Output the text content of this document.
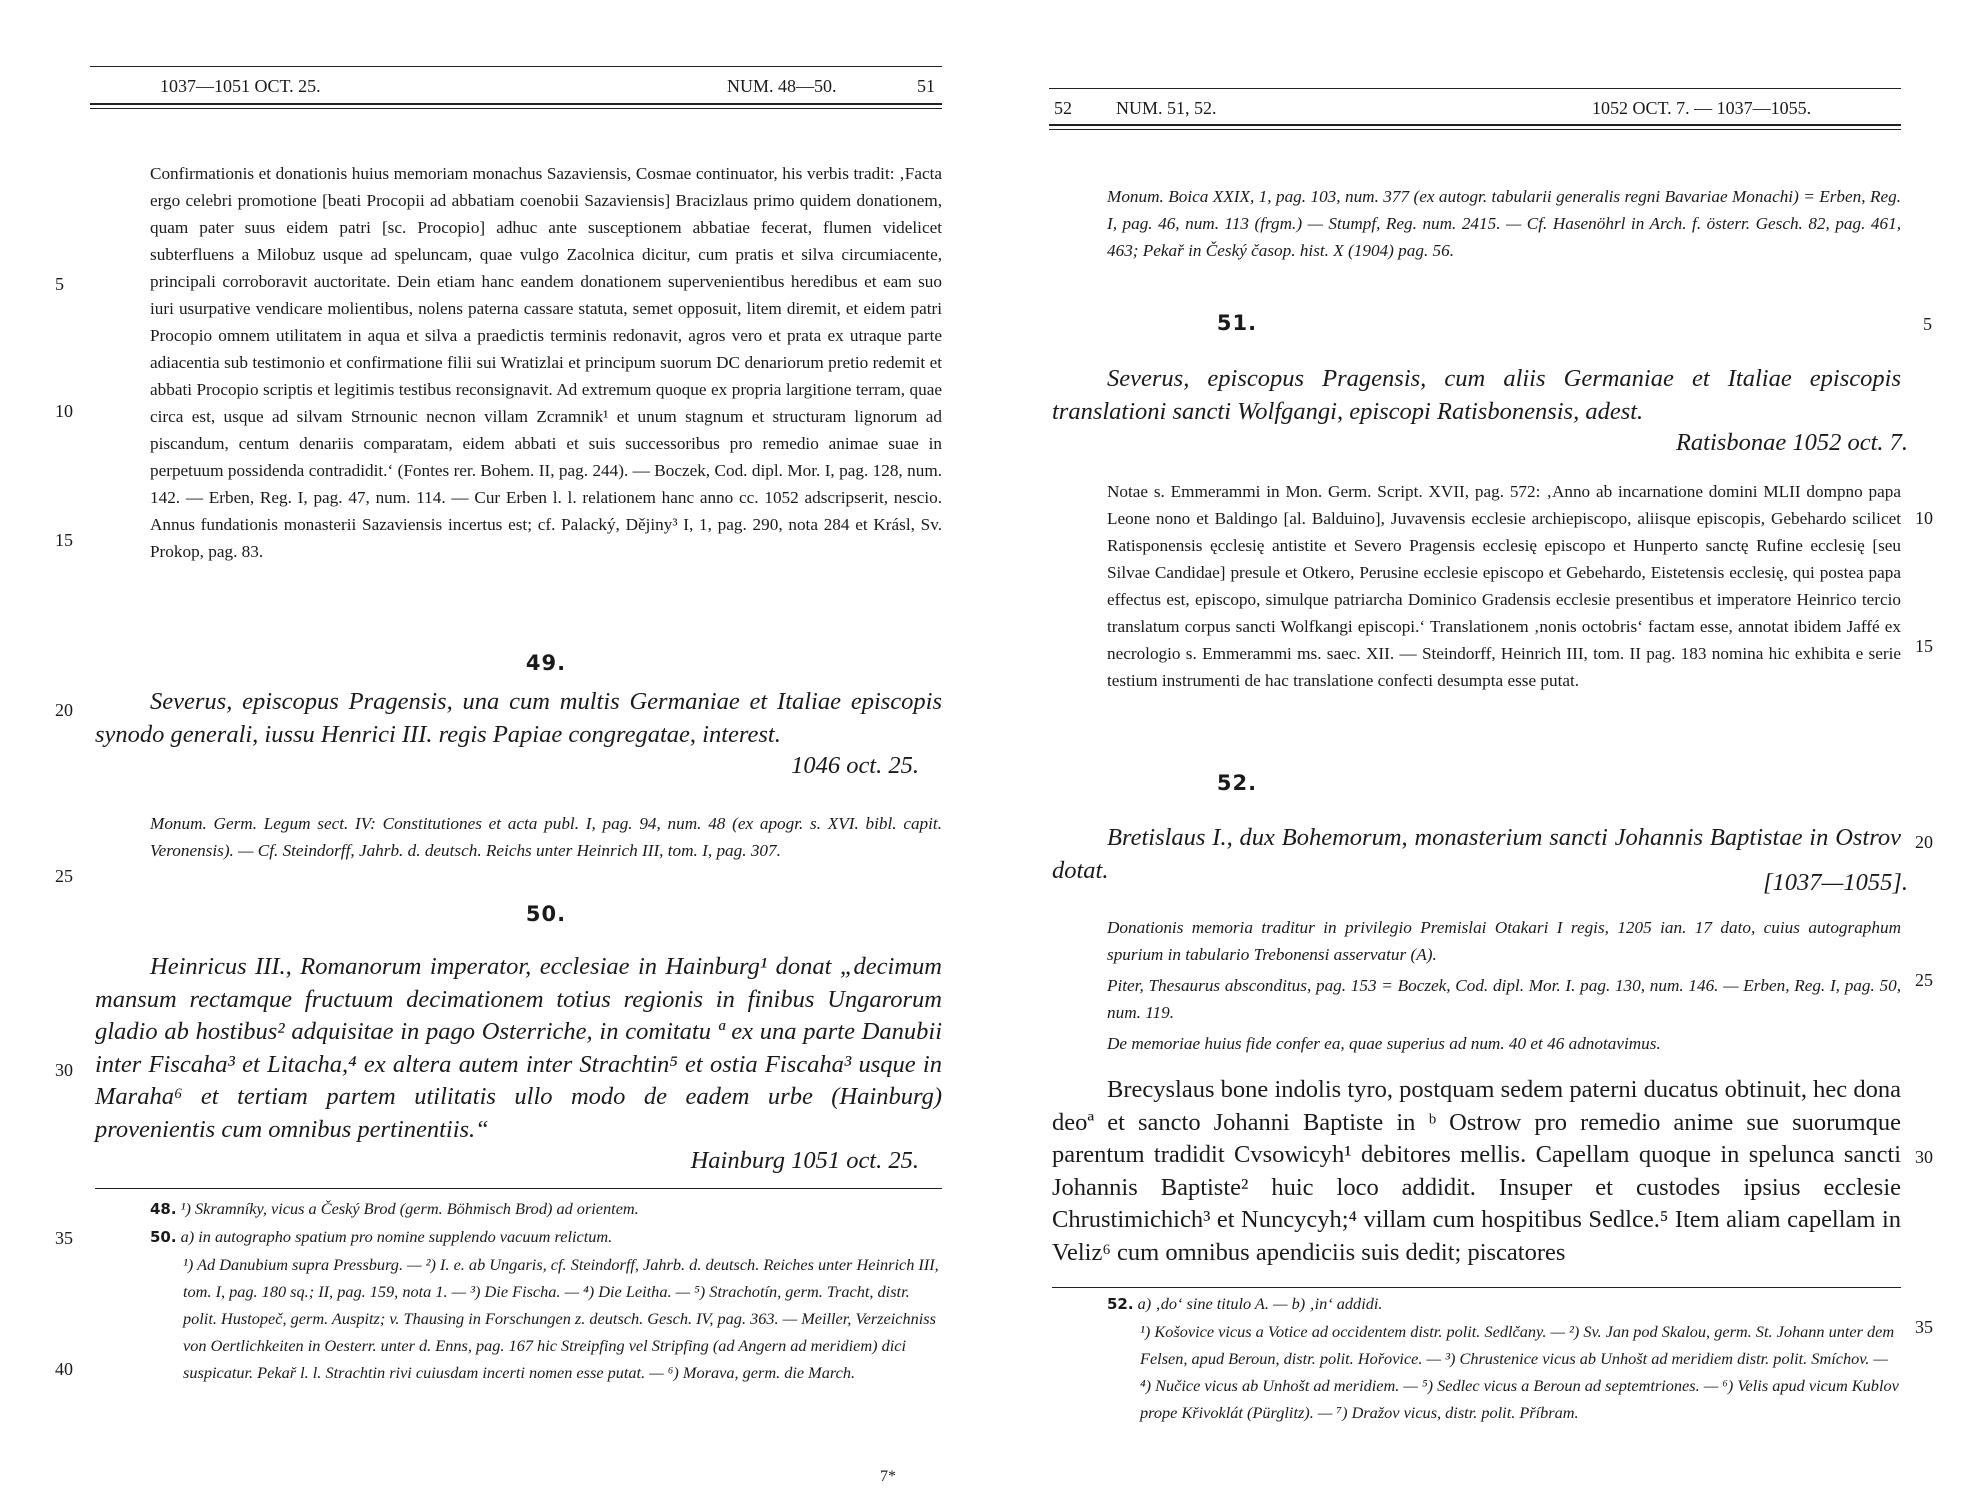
1037—1051 OCT. 25.	NUM. 48—50.	51
5
10
15
20
25
30
35
40

Confirmationis et donationis huius memoriam monachus Sazaviensis, Cosmae continuator, his verbis tradit: ‚Facta ergo celebri promotione [beati Procopii ad abbatiam coenobii Sazaviensis] Bracizlaus primo quidem donationem, quam pater suus eidem patri [sc. Procopio] adhuc ante susceptionem abbatiae fecerat, flumen videlicet subterfluens a Milobuz usque ad speluncam, quae vulgo Zacolnica dicitur, cum pratis et silva circumiacente, principali corroboravit auctoritate. Dein etiam hanc eandem donationem supervenientibus heredibus et eam suo iuri usurpative vendicare molientibus, nolens paterna cassare statuta, semet opposuit, litem diremit, et eidem patri Procopio omnem utilitatem in aqua et silva a praedictis terminis redonavit, agros vero et prata ex utraque parte adiacentia sub testimonio et confirmatione filii sui Wratizlai et principum suorum DC denariorum pretio redemit et abbati Procopio scriptis et legitimis testibus reconsignavit. Ad extremum quoque ex propria largitione terram, quae circa est, usque ad silvam Strnounic necnon villam Zcramnik¹ et unum stagnum et structuram lignorum ad piscandum, centum denariis comparatam, eidem abbati et suis successoribus pro remedio animae suae in perpetuum possidenda contradidit.‘ (Fontes rer. Bohem. II, pag. 244). — Boczek, Cod. dipl. Mor. I, pag. 128, num. 142. — Erben, Reg. I, pag. 47, num. 114. — Cur Erben l. l. relationem hanc anno cc. 1052 adscripserit, nescio. Annus fundationis monasterii Sazaviensis incertus est; cf. Palacký, Dějiny³ I, 1, pag. 290, nota 284 et Krásl, Sv. Prokop, pag. 83.

49.

Severus, episcopus Pragensis, una cum multis Germaniae et Italiae episcopis synodo generali, iussu Henrici III. regis Papiae congregatae, interest.

1046 oct. 25.

Monum. Germ. Legum sect. IV: Constitutiones et acta publ. I, pag. 94, num. 48 (ex apogr. s. XVI. bibl. capit. Veronensis). — Cf. Steindorff, Jahrb. d. deutsch. Reichs unter Heinrich III, tom. I, pag. 307.

50.

Heinricus III., Romanorum imperator, ecclesiae in Hainburg¹ donat „decimum mansum rectamque fructuum decimationem totius regionis in finibus Ungarorum gladio ab hostibus² adquisitae in pago Osterriche, in comitatu ª ex una parte Danubii inter Fiscaha³ et Litacha,⁴ ex altera autem inter Strachtin⁵ et ostia Fiscaha³ usque in Maraha⁶ et tertiam partem utilitatis ullo modo de eadem urbe (Hainburg) provenientis cum omnibus pertinentiis.“

Hainburg 1051 oct. 25.

48. ¹) Skramníky, vicus a Český Brod (germ. Böhmisch Brod) ad orientem.

50. a) in autographo spatium pro nomine supplendo vacuum relictum.

¹) Ad Danubium supra Pressburg. — ²) I. e. ab Ungaris, cf. Steindorff, Jahrb. d. deutsch. Reiches unter Heinrich III, tom. I, pag. 180 sq.; II, pag. 159, nota 1. — ³) Die Fischa. — ⁴) Die Leitha. — ⁵) Strachotín, germ. Tracht, distr. polit. Hustopeč, germ. Auspitz; v. Thausing in Forschungen z. deutsch. Gesch. IV, pag. 363. — Meiller, Verzeichniss von Oertlichkeiten in Oesterr. unter d. Enns, pag. 167 hic Streipfing vel Stripfing (ad Angern ad meridiem) dici suspicatur. Pekař l. l. Strachtin rivi cuiusdam incerti nomen esse putat. — ⁶) Morava, germ. die March.

7*
52 NUM. 51, 52.	1052 OCT. 7. — 1037—1055.
5
10
15
20
25
30
35

Monum. Boica XXIX, 1, pag. 103, num. 377 (ex autogr. tabularii generalis regni Bavariae Monachi) = Erben, Reg. I, pag. 46, num. 113 (frgm.) — Stumpf, Reg. num. 2415. — Cf. Hasenöhrl in Arch. f. österr. Gesch. 82, pag. 461, 463; Pekař in Český časop. hist. X (1904) pag. 56.

51.

Severus, episcopus Pragensis, cum aliis Germaniae et Italiae episcopis translationi sancti Wolfgangi, episcopi Ratisbonensis, adest.

Ratisbonae 1052 oct. 7.

Notae s. Emmerammi in Mon. Germ. Script. XVII, pag. 572: ‚Anno ab incarnatione domini MLII dompno papa Leone nono et Baldingo [al. Balduino], Juvavensis ecclesie archiepiscopo, aliisque episcopis, Gebehardo scilicet Ratisponensis ęcclesię antistite et Severo Pragensis ecclesię episcopo et Hunperto sanctę Rufine ecclesię [seu Silvae Candidae] presule et Otkero, Perusine ecclesie episcopo et Gebehardo, Eistetensis ecclesię, qui postea papa effectus est, episcopo, simulque patriarcha Dominico Gradensis ecclesie presentibus et imperatore Heinrico tercio translatum corpus sancti Wolfkangi episcopi.‘ Translationem ‚nonis octobris‘ factam esse, annotat ibidem Jaffé ex necrologio s. Emmerammi ms. saec. XII. — Steindorff, Heinrich III, tom. II pag. 183 nomina hic exhibita e serie testium instrumenti de hac translatione confecti desumpta esse putat.

52.

Bretislaus I., dux Bohemorum, monasterium sancti Johannis Baptistae in Ostrov dotat.	[1037—1055].

Donationis memoria traditur in privilegio Premislai Otakari I regis, 1205 ian. 17 dato, cuius autographum spurium in tabulario Trebonensi asservatur (A).

Piter, Thesaurus absconditus, pag. 153 = Boczek, Cod. dipl. Mor. I. pag. 130, num. 146. — Erben, Reg. I, pag. 50, num. 119.

De memoriae huius fide confer ea, quae superius ad num. 40 et 46 adnotavimus.

Brecyslaus bone indolis tyro, postquam sedem paterni ducatus obtinuit, hec dona deoª et sancto Johanni Baptiste in ᵇ Ostrow pro remedio anime sue suorumque parentum tradidit Cvsowicyh¹ debitores mellis. Capellam quoque in spelunca sancti Johannis Baptiste² huic loco addidit. Insuper et custodes ipsius ecclesie Chrustimichich³ et Nuncycyh;⁴ villam cum hospitibus Sedlce.⁵ Item aliam capellam in Veliz⁶ cum omnibus apendiciis suis dedit; piscatores

52. a) ‚do‘ sine titulo A. — b) ‚in‘ addidi.

¹) Košovice vicus a Votice ad occidentem distr. polit. Sedlčany. — ²) Sv. Jan pod Skalou, germ. St. Johann unter dem Felsen, apud Beroun, distr. polit. Hořovice. — ³) Chrustenice vicus ab Unhošt ad meridiem distr. polit. Smíchov. — ⁴) Nučice vicus ab Unhošt ad meridiem. — ⁵) Sedlec vicus a Beroun ad septemtriones. — ⁶) Velis apud vicum Kublov prope Křivoklát (Pürglitz). — ⁷) Dražov vicus, distr. polit. Příbram.
